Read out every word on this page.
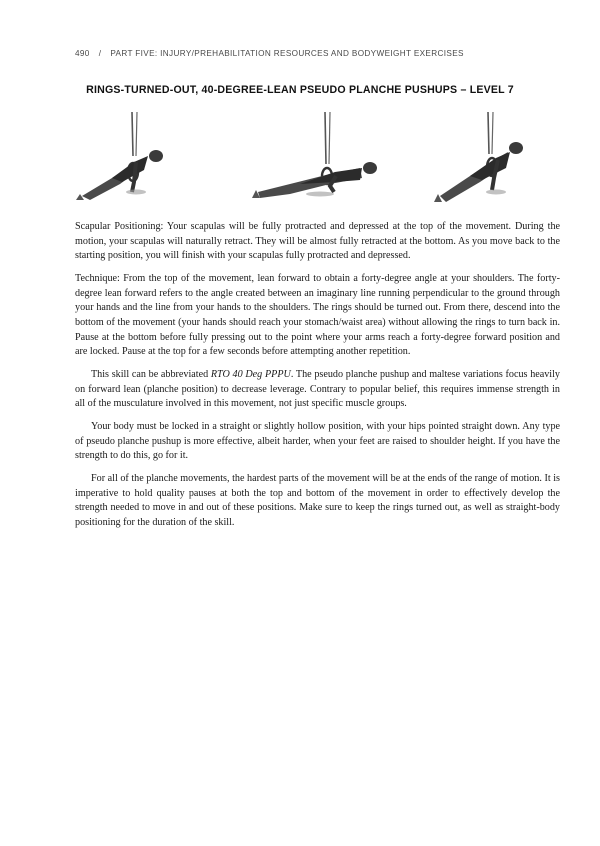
490 / PART FIVE: INJURY/PREHABILITATION RESOURCES AND BODYWEIGHT EXERCISES
RINGS-TURNED-OUT, 40-DEGREE-LEAN PSEUDO PLANCHE PUSHUPS – LEVEL 7

Scapular Positioning: Your scapulas will be fully protracted and depressed at the top of the movement. During the motion, your scapulas will naturally retract. They will be almost fully retracted at the bottom. As you move back to the starting position, you will finish with your scapulas fully protracted and depressed.

Technique: From the top of the movement, lean forward to obtain a forty-degree angle at your shoulders. The forty-degree lean forward refers to the angle created between an imaginary line running perpendicular to the ground through your hands and the line from your hands to the shoulders. The rings should be turned out. From there, descend into the bottom of the movement (your hands should reach your stomach/waist area) without allowing the rings to turn back in. Pause at the bottom before fully pressing out to the point where your arms reach a forty-degree forward position and are locked. Pause at the top for a few seconds before attempting another repetition.

This skill can be abbreviated RTO 40 Deg PPPU. The pseudo planche pushup and maltese variations focus heavily on forward lean (planche position) to decrease leverage. Contrary to popular belief, this requires immense strength in all of the musculature involved in this movement, not just specific muscle groups.

Your body must be locked in a straight or slightly hollow position, with your hips pointed straight down. Any type of pseudo planche pushup is more effective, albeit harder, when your feet are raised to shoulder height. If you have the strength to do this, go for it.

For all of the planche movements, the hardest parts of the movement will be at the ends of the range of motion. It is imperative to hold quality pauses at both the top and bottom of the movement in order to effectively develop the strength needed to move in and out of these positions. Make sure to keep the rings turned out, as well as straight-body positioning for the duration of the skill.
